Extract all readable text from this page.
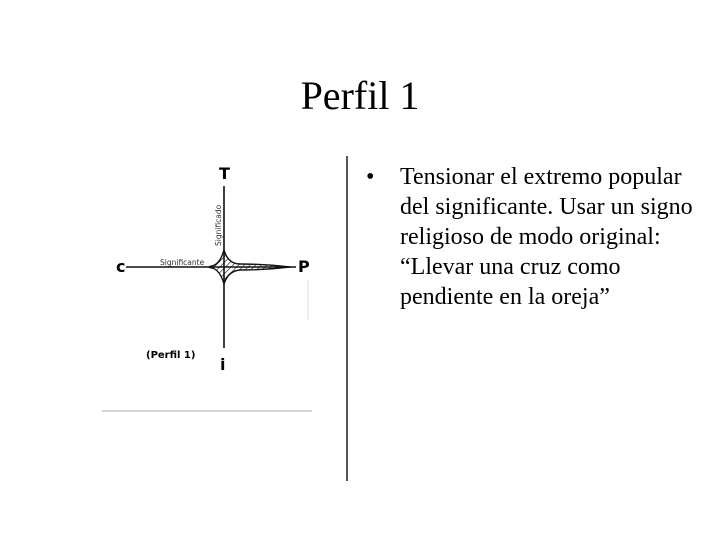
Perfil 1
T
c	P
i
Significado
Significante
(Perfil 1)
• Tensionar el extremo popular del significante. Usar un signo religioso de modo original: “Llevar una cruz como pendiente en la oreja”
